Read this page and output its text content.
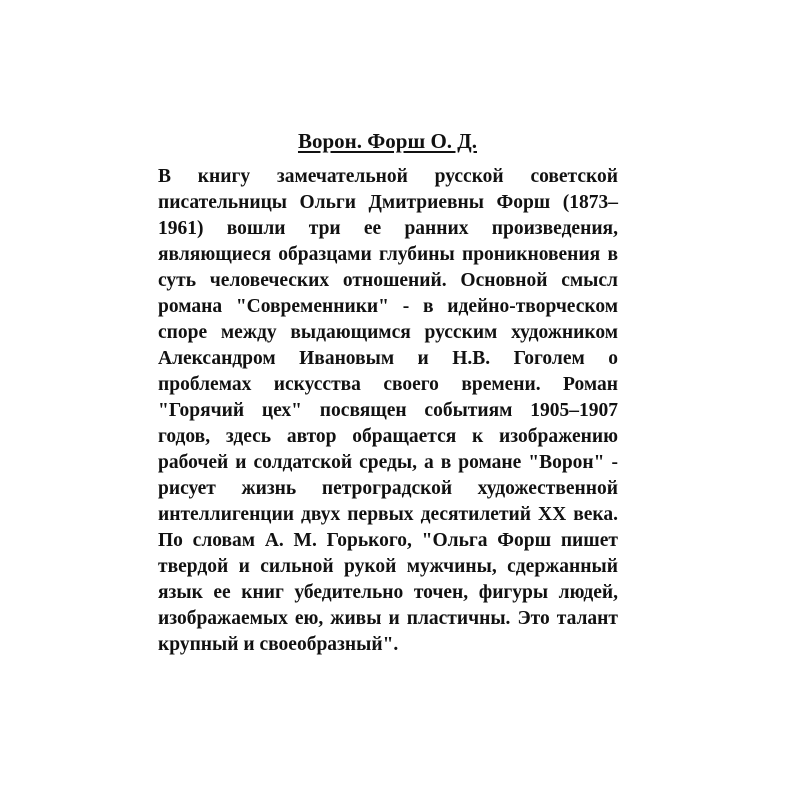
Ворон. Форш О. Д.
В книгу замечательной русской советской
писательницы Ольги Дмитриевны Форш (1873–
1961) вошли три ее ранних произведения,
являющиеся образцами глубины проникновения в
суть человеческих отношений. Основной смысл
романа "Современники" - в идейно-творческом
споре между выдающимся русским художником
Александром Ивановым и Н.В. Гоголем о
проблемах искусства своего времени. Роман
"Горячий цех" посвящен событиям 1905–1907
годов, здесь автор обращается к изображению
рабочей и солдатской среды, а в романе "Ворон" -
рисует жизнь петроградской художественной
интеллигенции двух первых десятилетий XX века.
По словам А. М. Горького, "Ольга Форш пишет
твердой и сильной рукой мужчины, сдержанный
язык ее книг убедительно точен, фигуры людей,
изображаемых ею, живы и пластичны. Это талант
крупный и своеобразный".
